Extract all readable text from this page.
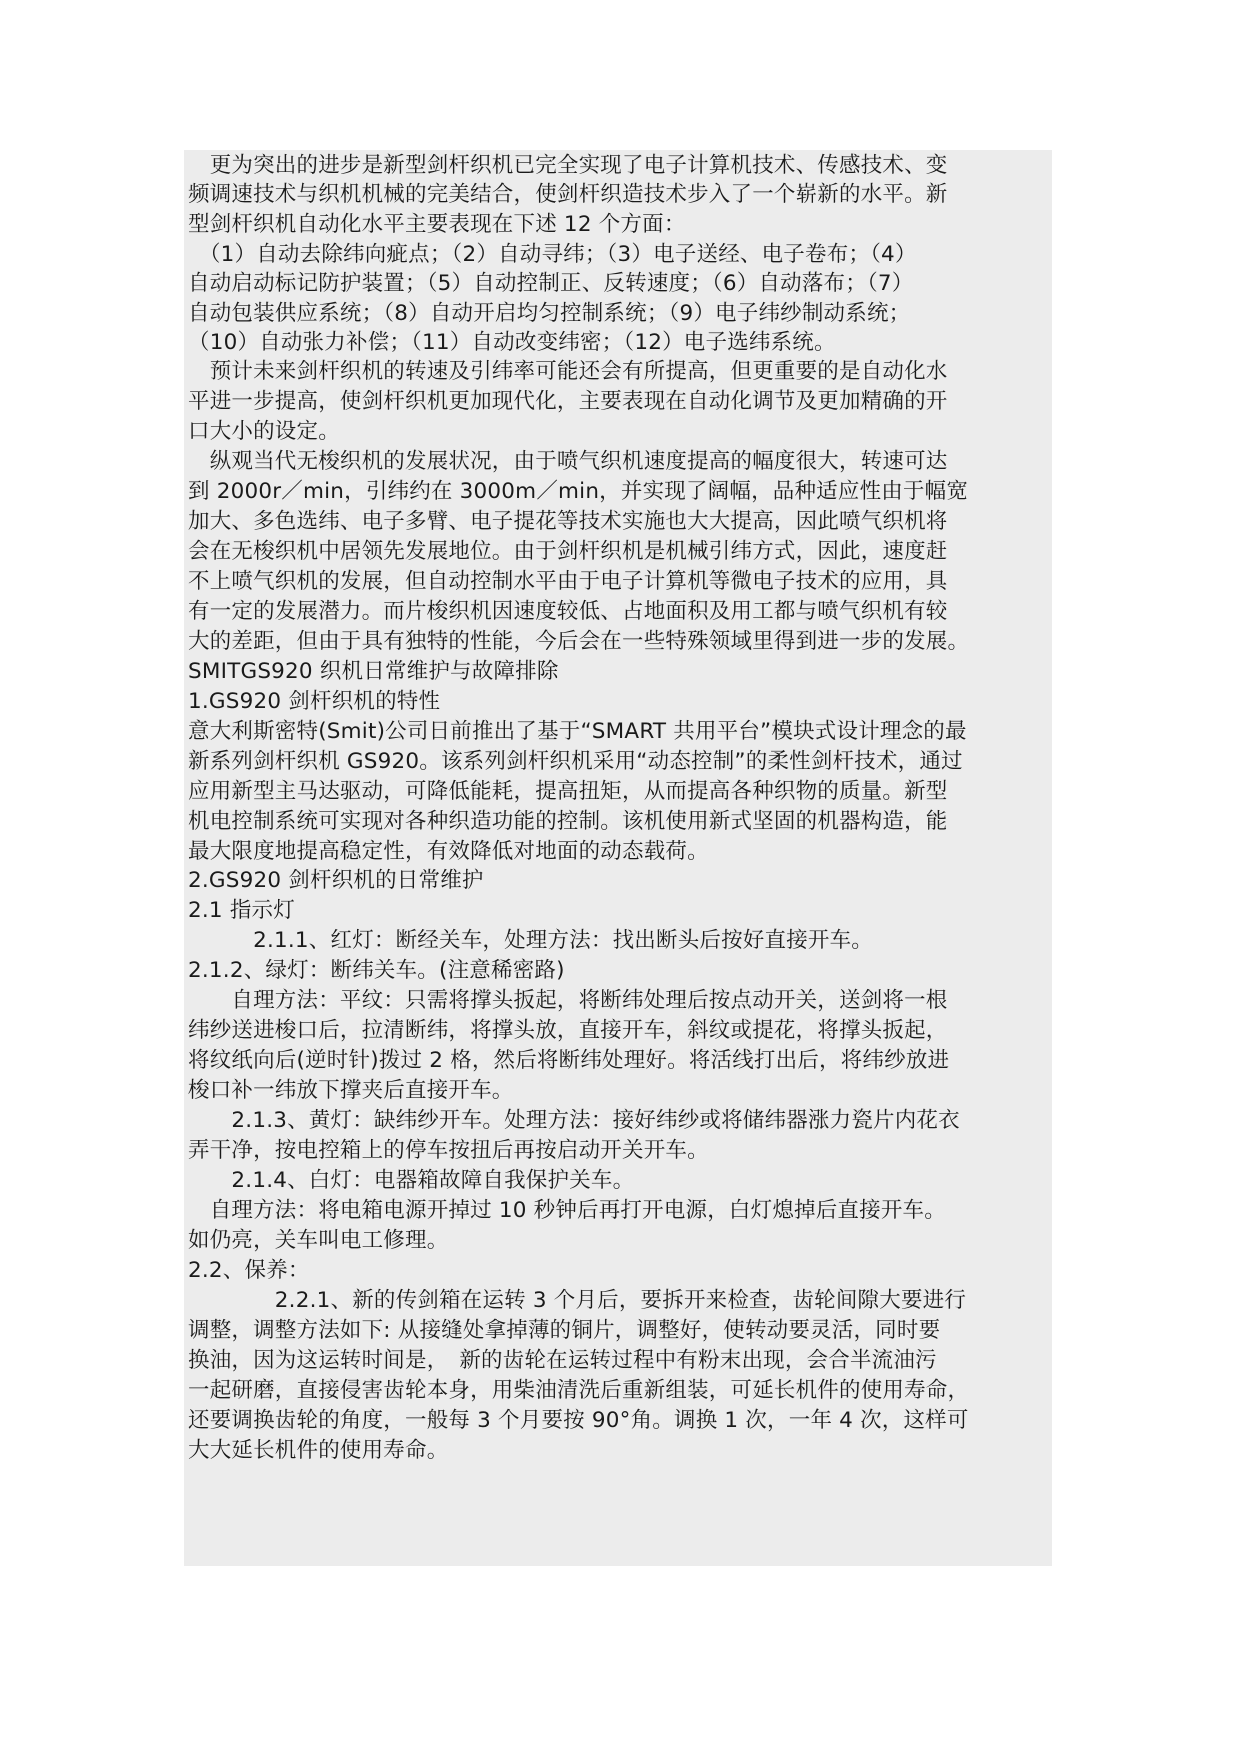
　更为突出的进步是新型剑杆织机已完全实现了电子计算机技术、传感技术、变

频调速技术与织机机械的完美结合，使剑杆织造技术步入了一个崭新的水平。新

型剑杆织机自动化水平主要表现在下述 12 个方面：

　（1）自动去除纬向疵点；（2）自动寻纬；（3）电子送经、电子卷布；（4）

自动启动标记防护装置；（5）自动控制正、反转速度；（6）自动落布；（7）

自动包装供应系统；（8）自动开启均匀控制系统；（9）电子纬纱制动系统；

（10）自动张力补偿；（11）自动改变纬密；（12）电子选纬系统。

　预计未来剑杆织机的转速及引纬率可能还会有所提高，但更重要的是自动化水

平进一步提高，使剑杆织机更加现代化，主要表现在自动化调节及更加精确的开

口大小的设定。

　纵观当代无梭织机的发展状况，由于喷气织机速度提高的幅度很大，转速可达

到 2000r／min，引纬约在 3000m／min，并实现了阔幅，品种适应性由于幅宽

加大、多色选纬、电子多臂、电子提花等技术实施也大大提高，因此喷气织机将

会在无梭织机中居领先发展地位。由于剑杆织机是机械引纬方式，因此，速度赶

不上喷气织机的发展，但自动控制水平由于电子计算机等微电子技术的应用，具

有一定的发展潜力。而片梭织机因速度较低、占地面积及用工都与喷气织机有较

大的差距，但由于具有独特的性能，今后会在一些特殊领域里得到进一步的发展。

SMITGS920 织机日常维护与故障排除

1.GS920 剑杆织机的特性

意大利斯密特(Smit)公司日前推出了基于“SMART 共用平台”模块式设计理念的最

新系列剑杆织机 GS920。该系列剑杆织机采用“动态控制”的柔性剑杆技术，通过

应用新型主马达驱动，可降低能耗，提高扭矩，从而提高各种织物的质量。新型

机电控制系统可实现对各种织造功能的控制。该机使用新式坚固的机器构造，能

最大限度地提高稳定性，有效降低对地面的动态载荷。

2.GS920 剑杆织机的日常维护

2.1 指示灯

　　　2.1.1、红灯：断经关车，处理方法：找出断头后按好直接开车。

2.1.2、绿灯：断纬关车。(注意稀密路)

　　自理方法：平纹：只需将撑头扳起，将断纬处理后按点动开关，送剑将一根

纬纱送进梭口后，拉清断纬，将撑头放，直接开车，斜纹或提花，将撑头扳起，

将纹纸向后(逆时针)拨过 2 格，然后将断纬处理好。将活线打出后，将纬纱放进

梭口补一纬放下撑夹后直接开车。

　　2.1.3、黄灯：缺纬纱开车。处理方法：接好纬纱或将储纬器涨力瓷片内花衣

弄干净，按电控箱上的停车按扭后再按启动开关开车。

　　2.1.4、白灯：电器箱故障自我保护关车。

　自理方法：将电箱电源开掉过 10 秒钟后再打开电源，白灯熄掉后直接开车。

如仍亮，关车叫电工修理。

2.2、保养：

　　　　2.2.1、新的传剑箱在运转 3 个月后，要拆开来检查，齿轮间隙大要进行

调整，调整方法如下: 从接缝处拿掉薄的铜片，调整好，使转动要灵活，同时要

换油，因为这运转时间是，　新的齿轮在运转过程中有粉末出现，会合半流油污

一起研磨，直接侵害齿轮本身，用柴油清洗后重新组装，可延长机件的使用寿命，

还要调换齿轮的角度，一般每 3 个月要按 90°角。调换 1 次，一年 4 次，这样可

大大延长机件的使用寿命。
